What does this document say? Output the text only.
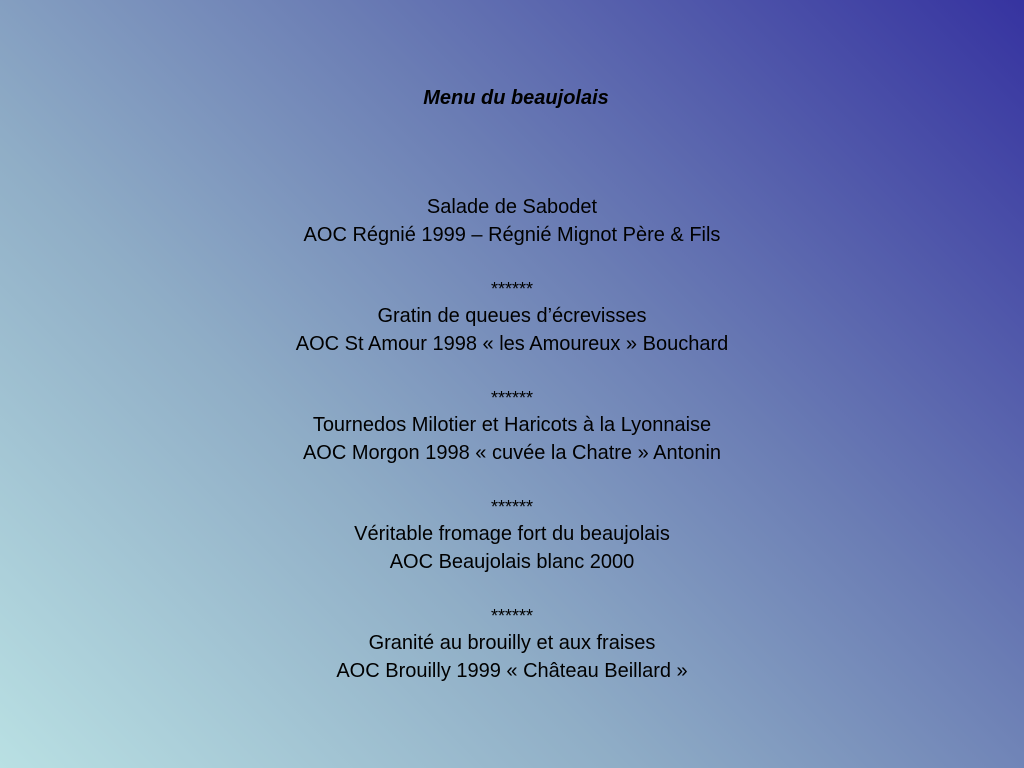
Menu du beaujolais
Salade de Sabodet
AOC Régnié 1999 – Régnié Mignot Père & Fils
******
Gratin de queues d’écrevisses
AOC St Amour 1998 « les Amoureux » Bouchard
******
Tournedos Milotier et Haricots à la Lyonnaise
AOC Morgon 1998 « cuvée la Chatre » Antonin
******
Véritable fromage fort du beaujolais
AOC Beaujolais blanc 2000
******
Granité au brouilly et aux fraises
AOC Brouilly 1999 « Château Beillard »
